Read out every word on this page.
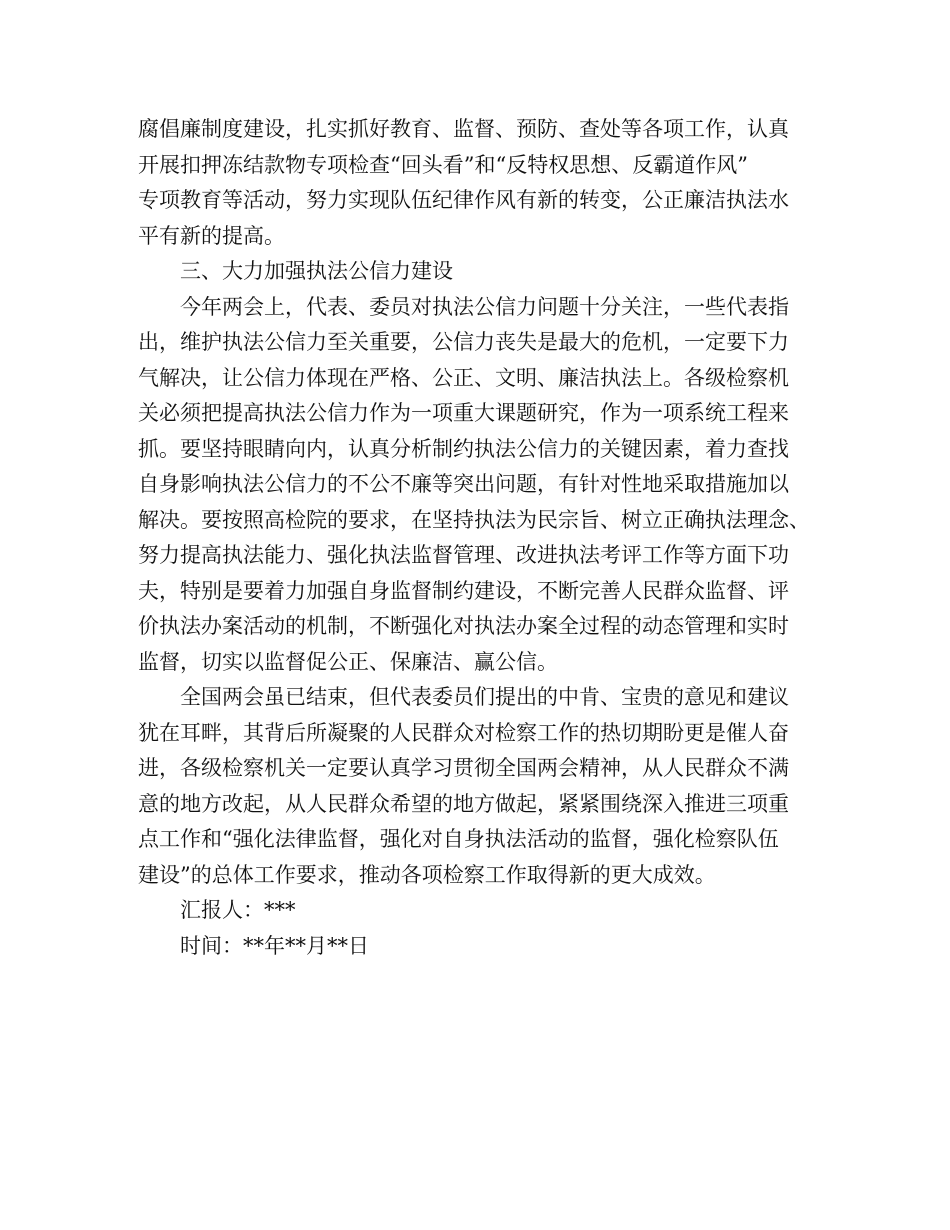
腐倡廉制度建设，扎实抓好教育、监督、预防、查处等各项工作，认真
开展扣押冻结款物专项检查“回头看”和“反特权思想、反霸道作风”
专项教育等活动，努力实现队伍纪律作风有新的转变，公正廉洁执法水
平有新的提高。
三、大力加强执法公信力建设
今年两会上，代表、委员对执法公信力问题十分关注，一些代表指
出，维护执法公信力至关重要，公信力丧失是最大的危机，一定要下力
气解决，让公信力体现在严格、公正、文明、廉洁执法上。各级检察机
关必须把提高执法公信力作为一项重大课题研究，作为一项系统工程来
抓。要坚持眼睛向内，认真分析制约执法公信力的关键因素，着力查找
自身影响执法公信力的不公不廉等突出问题，有针对性地采取措施加以
解决。要按照高检院的要求，在坚持执法为民宗旨、树立正确执法理念、
努力提高执法能力、强化执法监督管理、改进执法考评工作等方面下功
夫，特别是要着力加强自身监督制约建设，不断完善人民群众监督、评
价执法办案活动的机制，不断强化对执法办案全过程的动态管理和实时
监督，切实以监督促公正、保廉洁、赢公信。
全国两会虽已结束，但代表委员们提出的中肯、宝贵的意见和建议
犹在耳畔，其背后所凝聚的人民群众对检察工作的热切期盼更是催人奋
进，各级检察机关一定要认真学习贯彻全国两会精神，从人民群众不满
意的地方改起，从人民群众希望的地方做起，紧紧围绕深入推进三项重
点工作和“强化法律监督，强化对自身执法活动的监督，强化检察队伍
建设”的总体工作要求，推动各项检察工作取得新的更大成效。
汇报人：***
时间：**年**月**日
